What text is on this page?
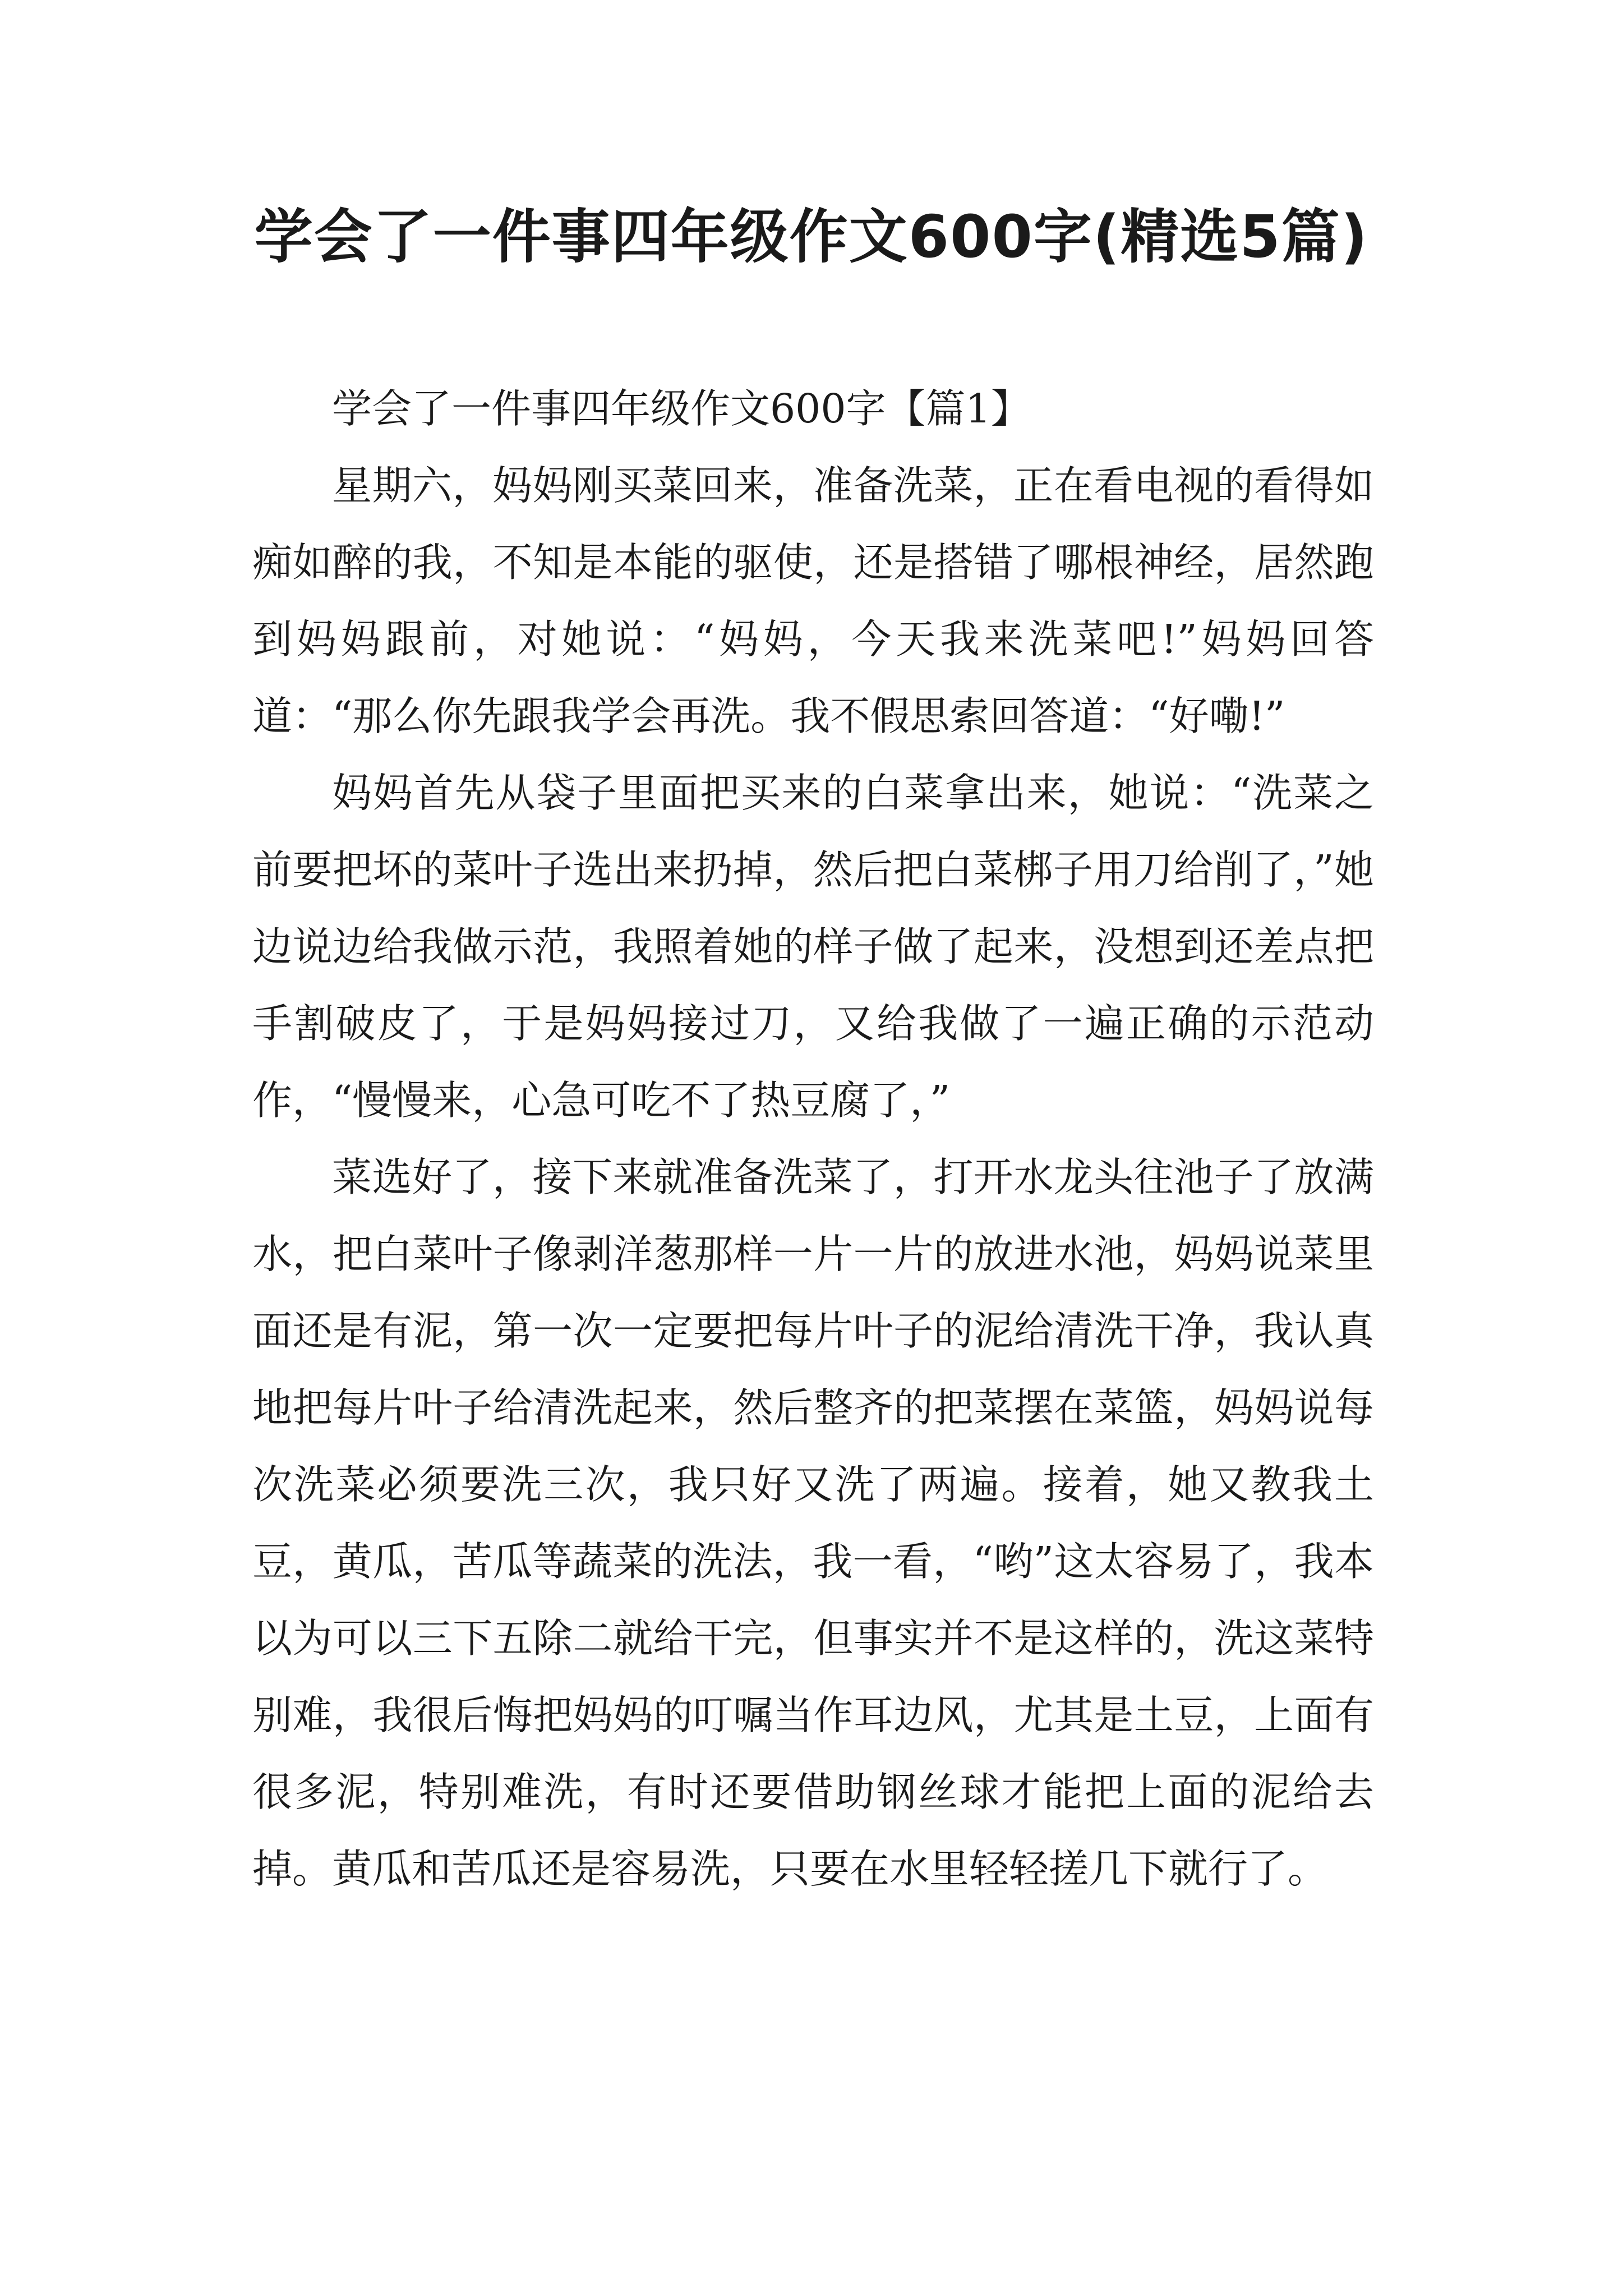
学会了一件事四年级作文600字(精选5篇)

学会了一件事四年级作文600字【篇1】

星期六，妈妈刚买菜回来，准备洗菜，正在看电视的看得如痴如醉的我，不知是本能的驱使，还是搭错了哪根神经，居然跑到妈妈跟前，对她说：“妈妈，今天我来洗菜吧!”妈妈回答道：“那么你先跟我学会再洗。我不假思索回答道：“好嘞!”

妈妈首先从袋子里面把买来的白菜拿出来，她说：“洗菜之前要把坏的菜叶子选出来扔掉，然后把白菜梆子用刀给削了，”她边说边给我做示范，我照着她的样子做了起来，没想到还差点把手割破皮了，于是妈妈接过刀，又给我做了一遍正确的示范动作，“慢慢来，心急可吃不了热豆腐了，”

菜选好了，接下来就准备洗菜了，打开水龙头往池子了放满水，把白菜叶子像剥洋葱那样一片一片的放进水池，妈妈说菜里面还是有泥，第一次一定要把每片叶子的泥给清洗干净，我认真地把每片叶子给清洗起来，然后整齐的把菜摆在菜篮，妈妈说每次洗菜必须要洗三次，我只好又洗了两遍。接着，她又教我土豆，黄瓜，苦瓜等蔬菜的洗法，我一看，“哟”这太容易了，我本以为可以三下五除二就给干完，但事实并不是这样的，洗这菜特别难，我很后悔把妈妈的叮嘱当作耳边风，尤其是土豆，上面有很多泥，特别难洗，有时还要借助钢丝球才能把上面的泥给去掉。黄瓜和苦瓜还是容易洗，只要在水里轻轻搓几下就行了。
